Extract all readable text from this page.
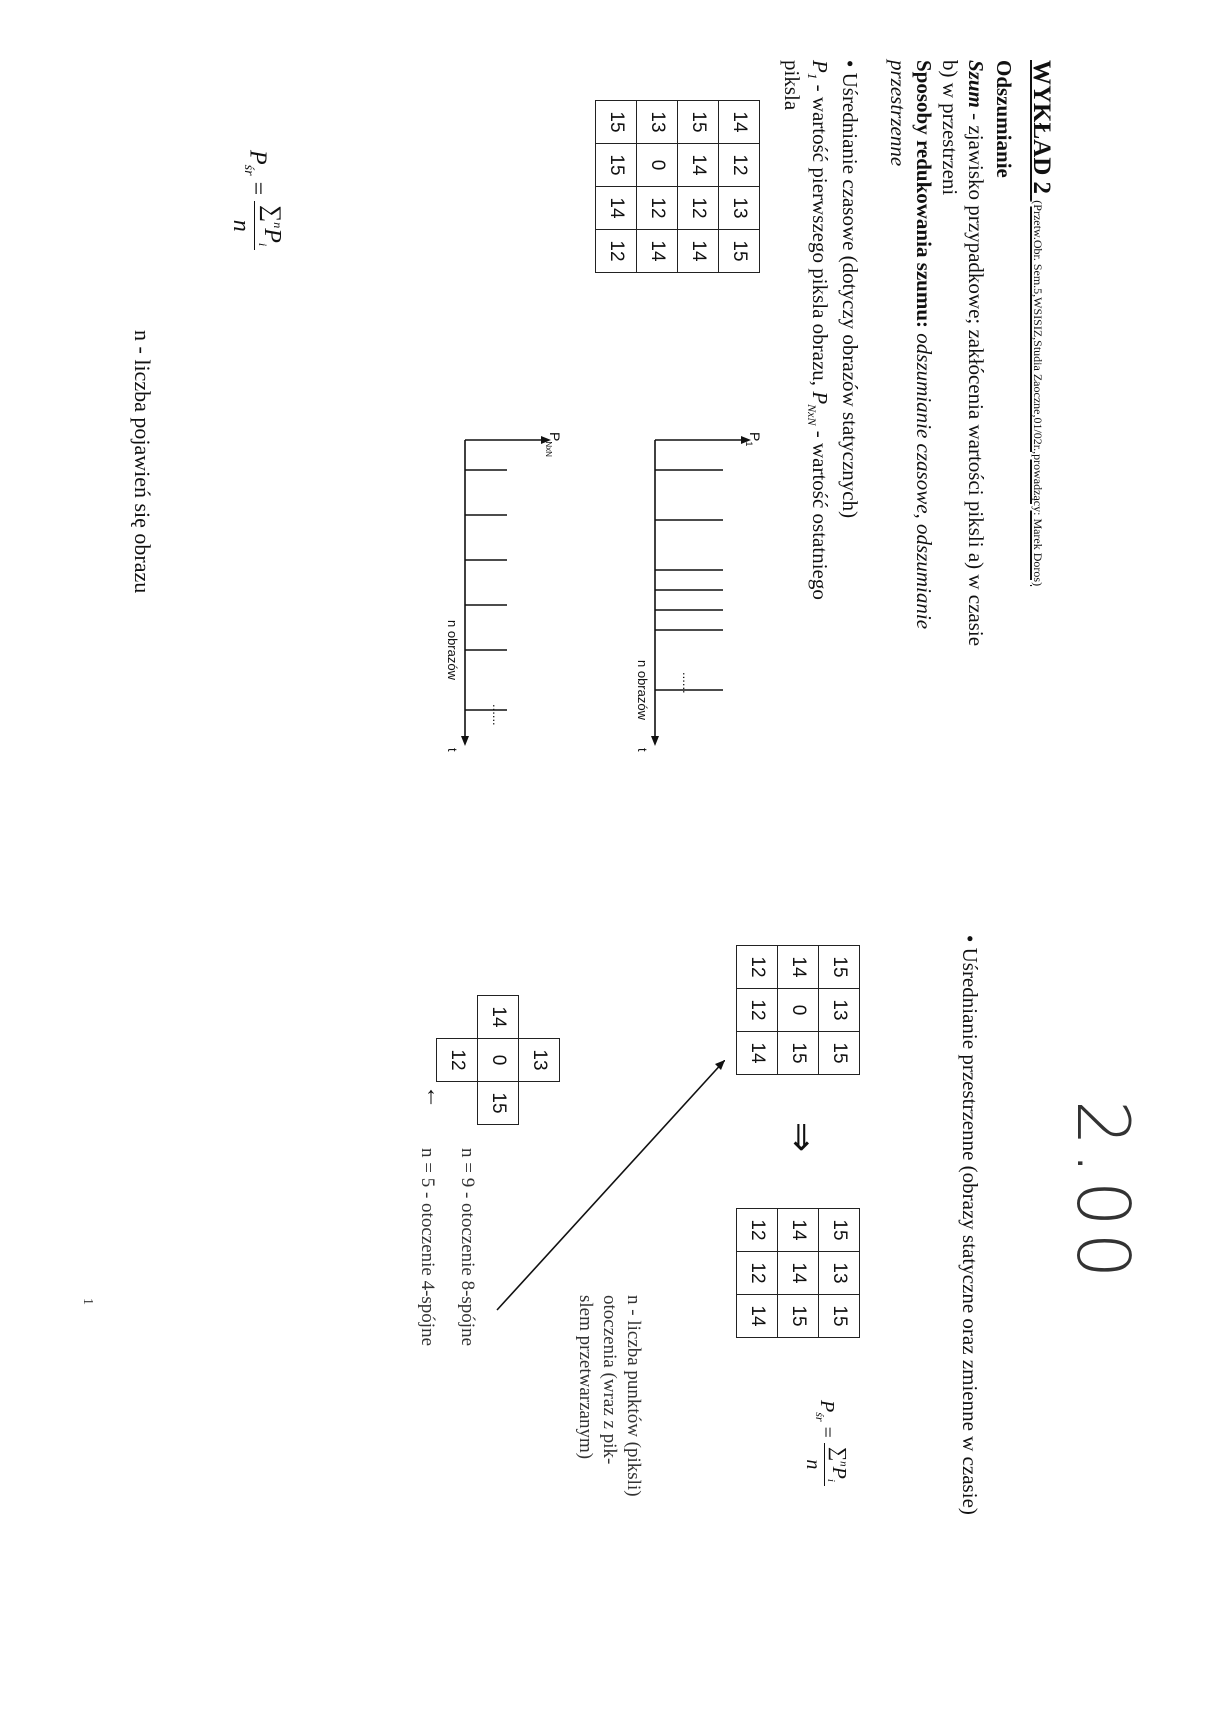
WYKŁAD 2 (Przetw.Obr. Sem.5,WSISIZ,Studia Zaoczne,01/02r.,prowadzący: Marek Doros)
2.00
Odszumianie
Szum - zjawisko przypadkowe; zakłócenia wartości piksli a) w czasie
b) w przestrzeni
Sposoby redukowania szumu: odszumianie czasowe, odszumianie
przestrzenne
• Uśrednianie czasowe (dotyczy obrazów statycznych)
$P_1$ - wartość pierwszego piksla obrazu, $P_{NxN}$ - wartość ostatniego
piksla
14	12	13	15
15	14	12	14
13	0	12	14
15	15	14	12
$P_1$
n obrazów
t
$P_{NxN}$
n obrazów
t
......
......
$P_{śr}$ =
$\sum^nP_i$
n
n - liczba pojawień się obrazu
• Uśrednianie przestrzenne (obrazy statyczne oraz zmienne w czasie)
15	13	15
14	0	15
12	12	14
⇒
15	13	15
14	14	15
12	12	14
$P_{śr}$ =
$\sum^nP_i$
n
n - liczba punktów (piksli)
otoczenia (wraz z pik-
slem przetwarzanym)
	13	
14	0	15
	12	
n = 9 - otoczenie 8-spójne
n = 5 - otoczenie 4-spójne
←
1
